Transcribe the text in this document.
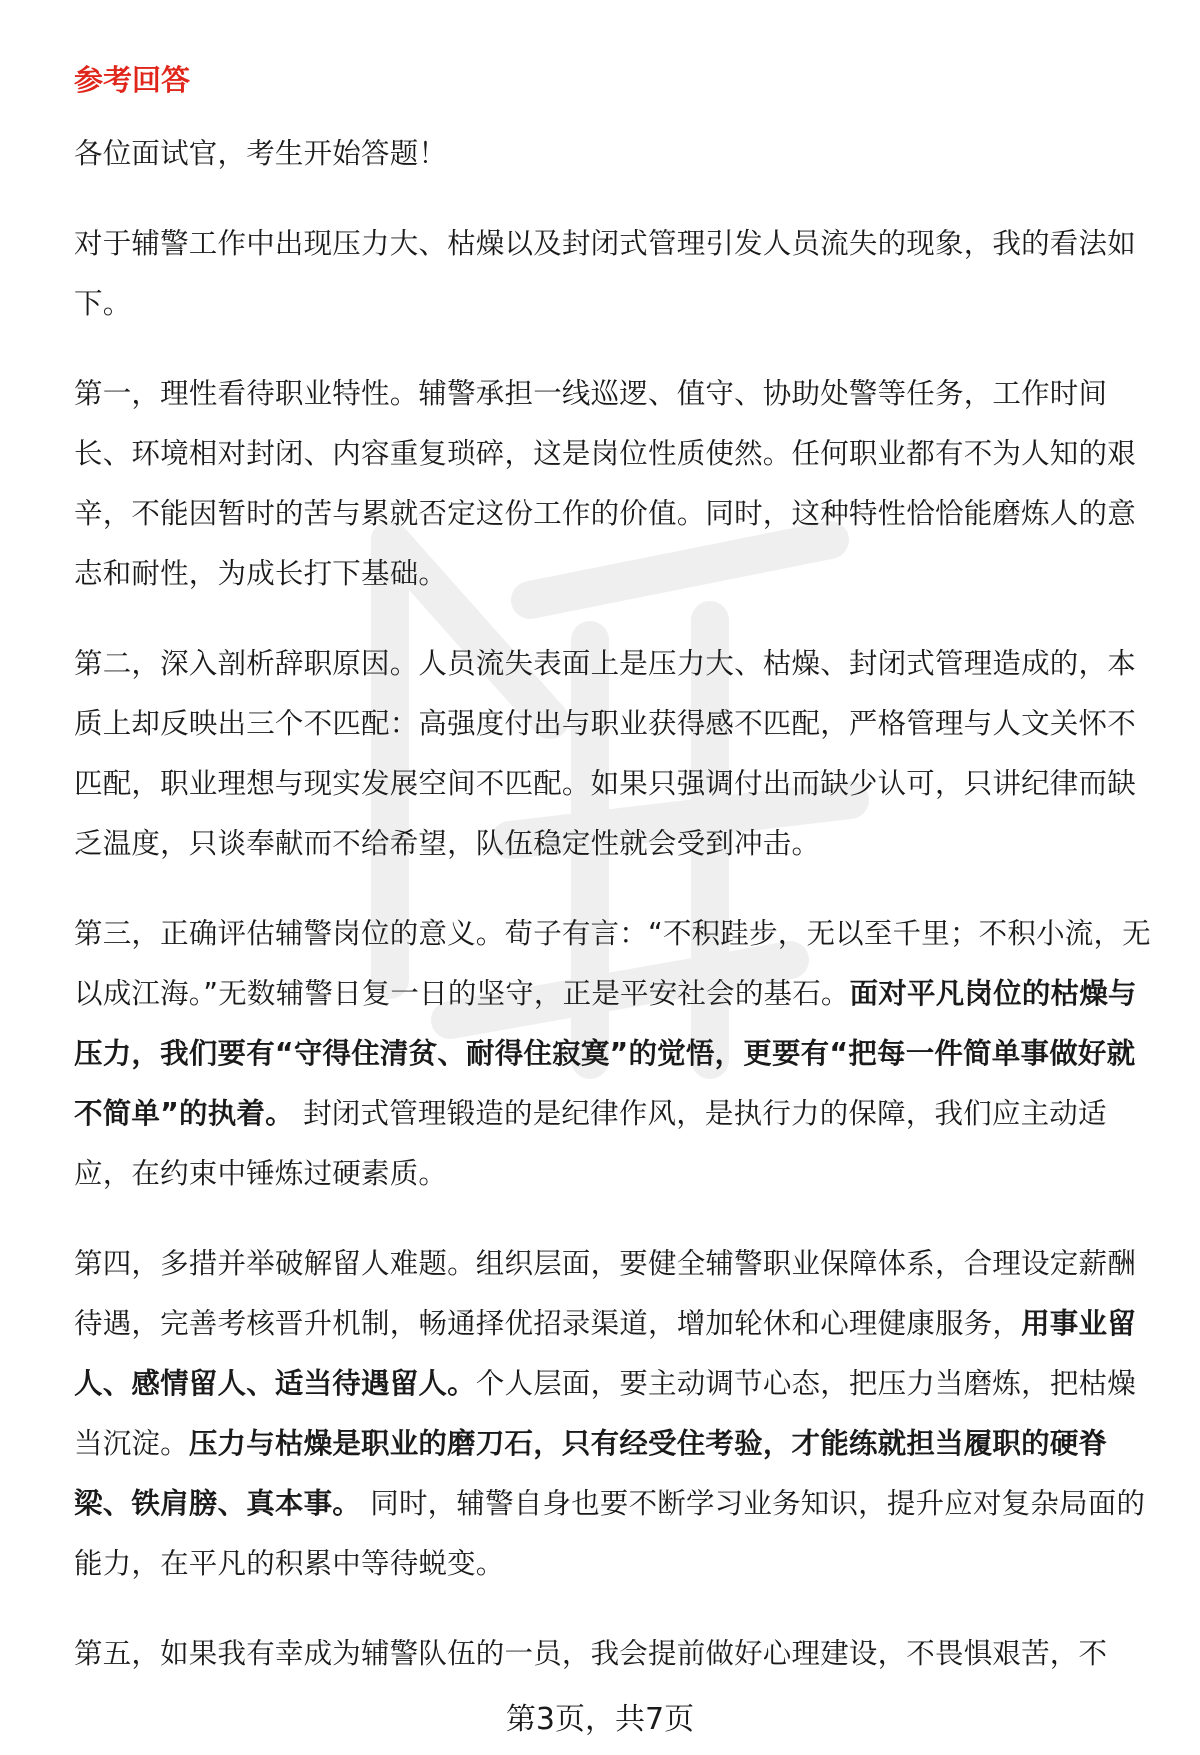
参考回答

各位面试官，考生开始答题！

对于辅警工作中出现压力大、枯燥以及封闭式管理引发人员流失的现象，我的看法如下。

第一，理性看待职业特性。辅警承担一线巡逻、值守、协助处警等任务，工作时间长、环境相对封闭、内容重复琐碎，这是岗位性质使然。任何职业都有不为人知的艰辛，不能因暂时的苦与累就否定这份工作的价值。同时，这种特性恰恰能磨炼人的意志和耐性，为成长打下基础。

第二，深入剖析辞职原因。人员流失表面上是压力大、枯燥、封闭式管理造成的，本质上却反映出三个不匹配：高强度付出与职业获得感不匹配，严格管理与人文关怀不匹配，职业理想与现实发展空间不匹配。如果只强调付出而缺少认可，只讲纪律而缺乏温度，只谈奉献而不给希望，队伍稳定性就会受到冲击。

第三，正确评估辅警岗位的意义。荀子有言：“不积跬步，无以至千里；不积小流，无以成江海。”无数辅警日复一日的坚守，正是平安社会的基石。面对平凡岗位的枯燥与压力，我们要有“守得住清贫、耐得住寂寞”的觉悟，更要有“把每一件简单事做好就不简单”的执着。 封闭式管理锻造的是纪律作风，是执行力的保障，我们应主动适应，在约束中锤炼过硬素质。

第四，多措并举破解留人难题。组织层面，要健全辅警职业保障体系，合理设定薪酬待遇，完善考核晋升机制，畅通择优招录渠道，增加轮休和心理健康服务，用事业留人、感情留人、适当待遇留人。个人层面，要主动调节心态，把压力当磨炼，把枯燥当沉淀。压力与枯燥是职业的磨刀石，只有经受住考验，才能练就担当履职的硬脊梁、铁肩膀、真本事。 同时，辅警自身也要不断学习业务知识，提升应对复杂局面的能力，在平凡的积累中等待蜕变。

第五，如果我有幸成为辅警队伍的一员，我会提前做好心理建设，不畏惧艰苦，不

第3页，共7页
